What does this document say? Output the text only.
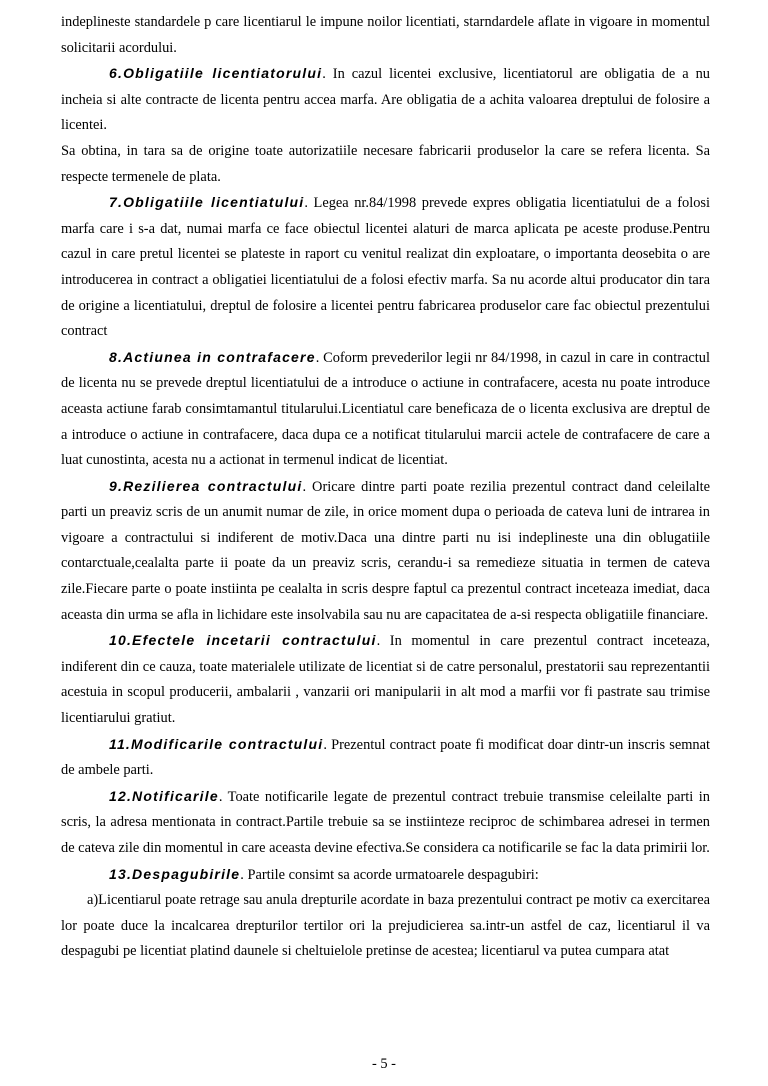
indeplineste standardele p care licentiarul le impune noilor licentiati, starndardele aflate in vigoare in momentul solicitarii acordului.

6.Obligatiile licentiatorului. In cazul licentei exclusive, licentiatorul are obligatia de a nu incheia si alte contracte de licenta pentru accea marfa. Are obligatia de a achita valoarea dreptului de folosire a licentei.

Sa obtina, in tara sa de origine toate autorizatiile necesare fabricarii produselor la care se refera licenta. Sa respecte termenele de plata.

7.Obligatiile licentiatului. Legea nr.84/1998 prevede expres obligatia licentiatului de a folosi marfa care i s-a dat, numai marfa ce face obiectul licentei alaturi de marca aplicata pe aceste produse.Pentru cazul in care pretul licentei se plateste in raport cu venitul realizat din exploatare, o importanta deosebita o are introducerea in contract a obligatiei licentiatului de a folosi efectiv marfa. Sa nu acorde altui producator din tara de origine a licentiatului, dreptul de folosire a licentei pentru fabricarea produselor care fac obiectul prezentului contract

8.Actiunea in contrafacere. Coform prevederilor legii nr 84/1998, in cazul in care in contractul de licenta nu se prevede dreptul licentiatului de a introduce o actiune in contrafacere, acesta nu poate introduce aceasta actiune farab consimtamantul titularului.Licentiatul care beneficaza de o licenta exclusiva are dreptul de a introduce o actiune in contrafacere, daca dupa ce a notificat titularului marcii actele de contrafacere de care a luat cunostinta, acesta nu a actionat in termenul indicat de licentiat.

9.Rezilierea contractului. Oricare dintre parti poate rezilia prezentul contract dand celeilalte parti un preaviz scris de un anumit numar de zile, in orice moment dupa o perioada de cateva luni de intrarea in vigoare a contractului si indiferent de motiv.Daca una dintre parti nu isi indeplineste una din oblugatiile contarctuale,cealalta parte ii poate da un preaviz scris, cerandu-i sa remedieze situatia in termen de cateva zile.Fiecare parte o poate instiinta pe cealalta in scris despre faptul ca prezentul contract inceteaza imediat, daca aceasta din urma se afla in lichidare este insolvabila sau nu are capacitatea de a-si respecta obligatiile financiare.

10.Efectele incetarii contractului. In momentul in care prezentul contract inceteaza, indiferent din ce cauza, toate materialele utilizate de licentiat si de catre personalul, prestatorii sau reprezentantii acestuia in scopul producerii, ambalarii , vanzarii ori manipularii in alt mod a marfii vor fi pastrate sau trimise licentiarului gratiut.

11.Modificarile contractului. Prezentul contract poate fi modificat doar dintr-un inscris semnat de ambele parti.

12.Notificarile. Toate notificarile legate de prezentul contract trebuie transmise celeilalte parti in scris, la adresa mentionata in contract.Partile trebuie sa se instiinteze reciproc de schimbarea adresei in termen de cateva zile din momentul in care aceasta devine efectiva.Se considera ca notificarile se fac la data primirii lor.

13.Despagubirile. Partile consimt sa acorde urmatoarele despagubiri:

a)Licentiarul poate retrage sau anula drepturile acordate in baza prezentului contract pe motiv ca exercitarea lor poate duce la incalcarea drepturilor tertilor ori la prejudicierea sa.intr-un astfel de caz, licentiarul il va despagubi pe licentiat platind daunele si cheltuielole pretinse de acestea; licentiarul va putea cumpara atat

- 5 -
